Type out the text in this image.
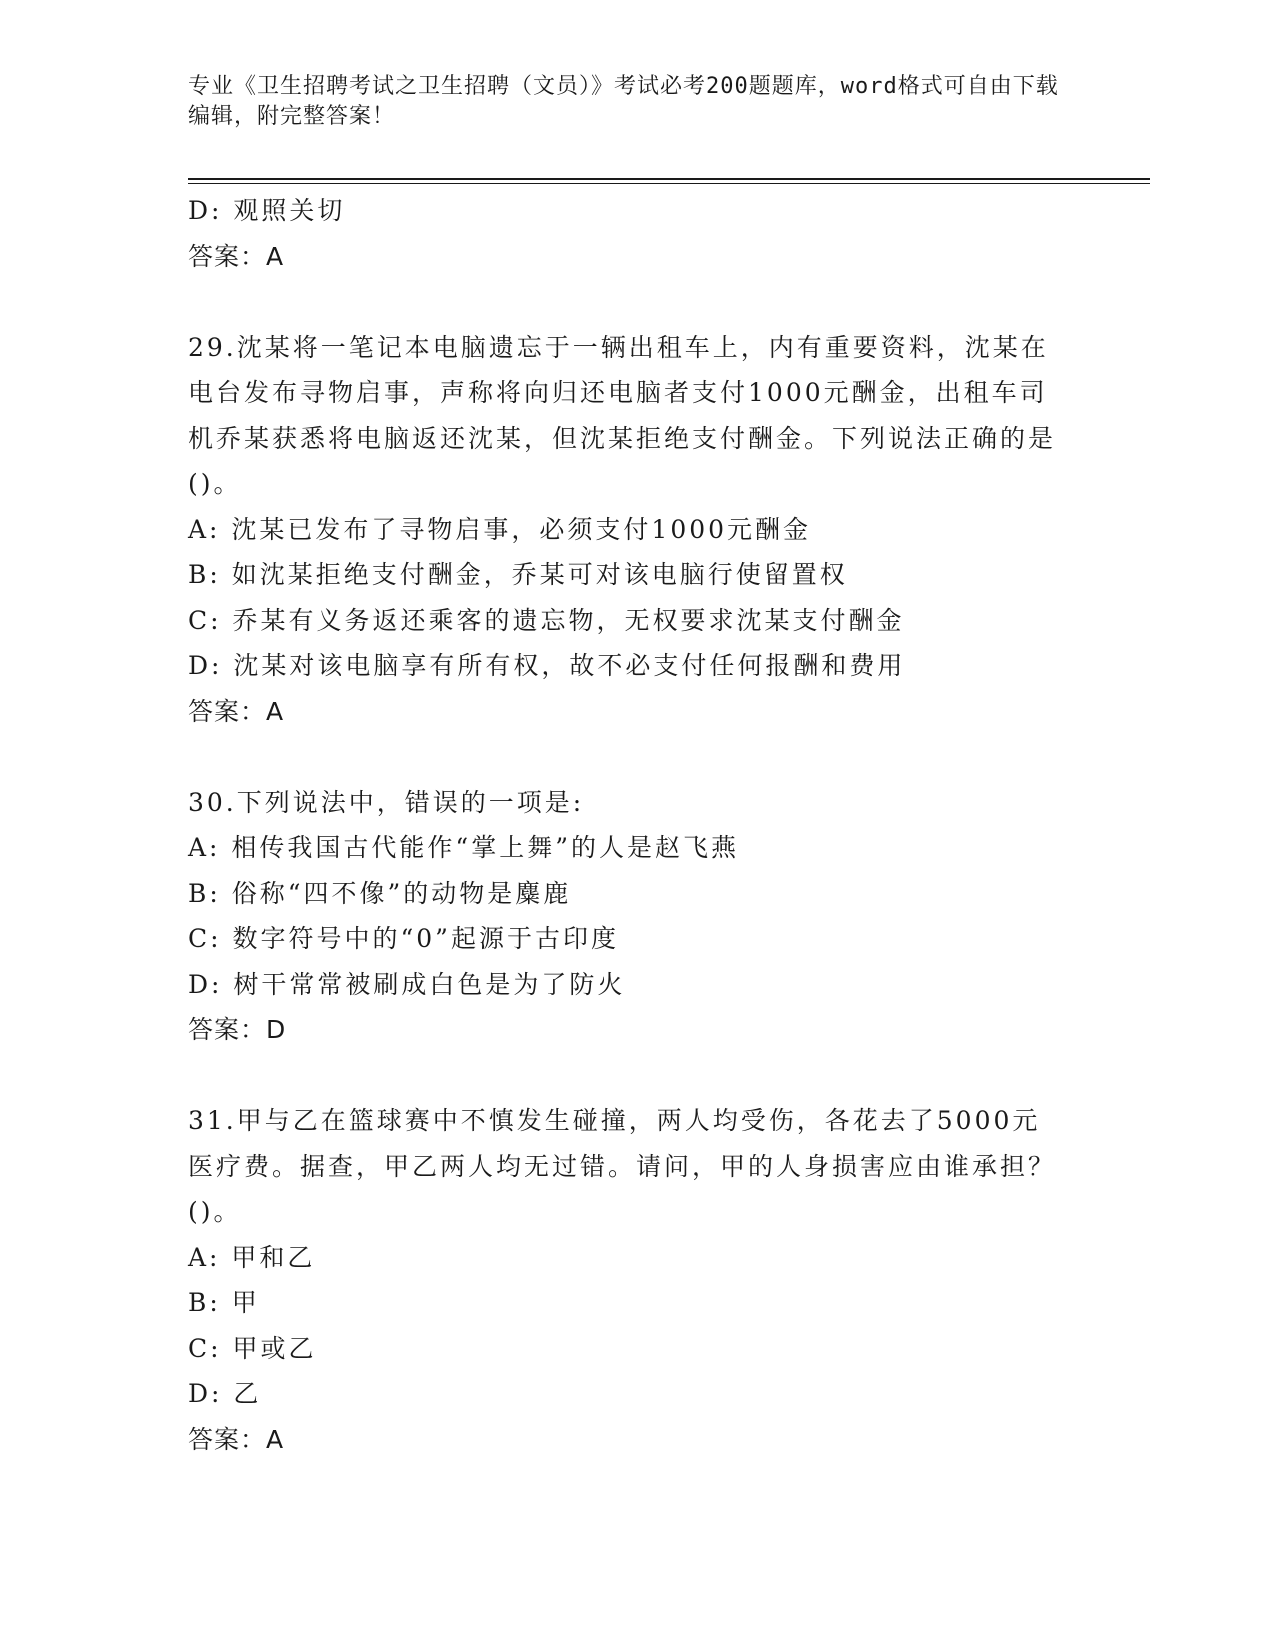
专业《卫生招聘考试之卫生招聘（文员）》考试必考200题题库，word格式可自由下载编辑，附完整答案！
D: 观照关切
答案：A
29.沈某将一笔记本电脑遗忘于一辆出租车上，内有重要资料，沈某在电台发布寻物启事，声称将向归还电脑者支付1000元酬金，出租车司机乔某获悉将电脑返还沈某，但沈某拒绝支付酬金。下列说法正确的是()。
A: 沈某已发布了寻物启事，必须支付1000元酬金
B: 如沈某拒绝支付酬金，乔某可对该电脑行使留置权
C: 乔某有义务返还乘客的遗忘物，无权要求沈某支付酬金
D: 沈某对该电脑享有所有权，故不必支付任何报酬和费用
答案：A
30.下列说法中，错误的一项是:
A: 相传我国古代能作“掌上舞”的人是赵飞燕
B: 俗称“四不像”的动物是麋鹿
C: 数字符号中的“0”起源于古印度
D: 树干常常被刷成白色是为了防火
答案：D
31.甲与乙在篮球赛中不慎发生碰撞，两人均受伤，各花去了5000元医疗费。据查，甲乙两人均无过错。请问，甲的人身损害应由谁承担？()。
A: 甲和乙
B: 甲
C: 甲或乙
D: 乙
答案：A
